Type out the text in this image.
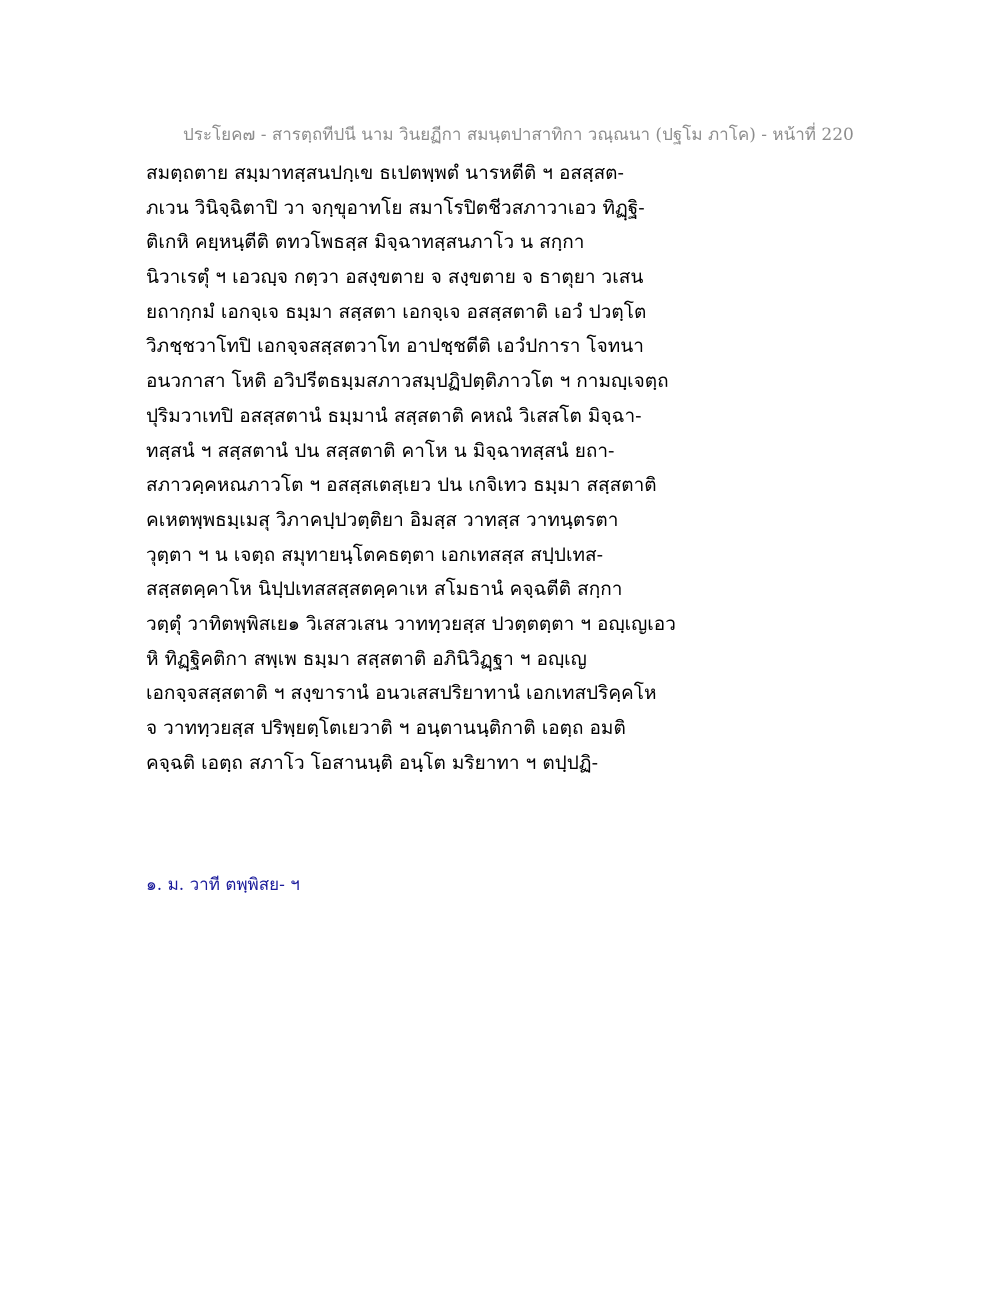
ประโยค๗ - สารตฺถทีปนี นาม วินยฏีกา สมนฺตปาสาทิกา วณฺณนา (ปฐโม ภาโค) - หน้าที่ 220
สมตฺถตาย สมฺมาทสฺสนปกฺเข ธเปตพฺพตํ นารหตีติ ฯ อสสฺสต-
ภเวน วินิจฺฉิตาปิ วา จกฺขุอาทโย สมาโรปิตชีวสภาวาเอว ทิฏฺฐิ-
ติเกหิ คยฺหนฺตีติ ตทวโพธสฺส มิจฺฉาทสฺสนภาโว น สกฺกา
นิวาเรตุํ ฯ เอวญฺจ กตฺวา อสงฺขตาย จ สงฺขตาย จ ธาตุยา วเสน
ยถากฺกมํ เอกจฺเจ ธมฺมา สสฺสตา เอกจฺเจ อสสฺสตาติ เอวํ ปวตฺโต
วิภชฺชวาโทปิ เอกจฺจสสฺสตวาโท อาปชฺชตีติ เอวํปการา โจทนา
อนวกาสา โหติ อวิปรีตธมฺมสภาวสมฺปฏิปตฺติภาวโต ฯ กามญฺเจตฺถ
ปุริมวาเทปิ อสสฺสตานํ ธมฺมานํ สสฺสตาติ คหณํ วิเสสโต มิจฺฉา-
ทสฺสนํ ฯ สสฺสตานํ ปน สสฺสตาติ คาโห น มิจฺฉาทสฺสนํ ยถา-
สภาวคฺคหณภาวโต ฯ อสสฺสเตสฺเยว ปน เกจิเทว ธมฺมา สสฺสตาติ
คเหตพฺพธมฺเมสุ วิภาคปฺปวตฺติยา อิมสฺส วาทสฺส วาทนฺตรตา
วุตฺตา ฯ น เจตฺถ สมุทายนฺโตคธตฺตา เอกเทสสฺส สปฺปเทส-
สสฺสตคฺคาโห นิปฺปเทสสสฺสตคฺคาเห สโมธานํ คจฺฉตีติ สกฺกา
วตฺตุํ วาทิตพฺพิสเย๑ วิเสสวเสน วาททฺวยสฺส ปวตฺตตฺตา ฯ อญฺเญเอว
หิ ทิฏฺฐิคติกา สพฺเพ ธมฺมา สสฺสตาติ อภินิวิฏฺฐา ฯ อญฺเญ
เอกจฺจสสฺสตาติ ฯ สงฺขารานํ อนวเสสปริยาทานํ เอกเทสปริคฺคโห
จ วาททฺวยสฺส ปริพฺยตฺโตเยวาติ ฯ อนฺตานนฺติกาติ เอตฺถ อมติ
คจฺฉติ เอตฺถ สภาโว โอสานนฺติ อนฺโต มริยาทา ฯ ตปฺปฏิ-
๑. ม. วาที ตพฺพิสย- ฯ
